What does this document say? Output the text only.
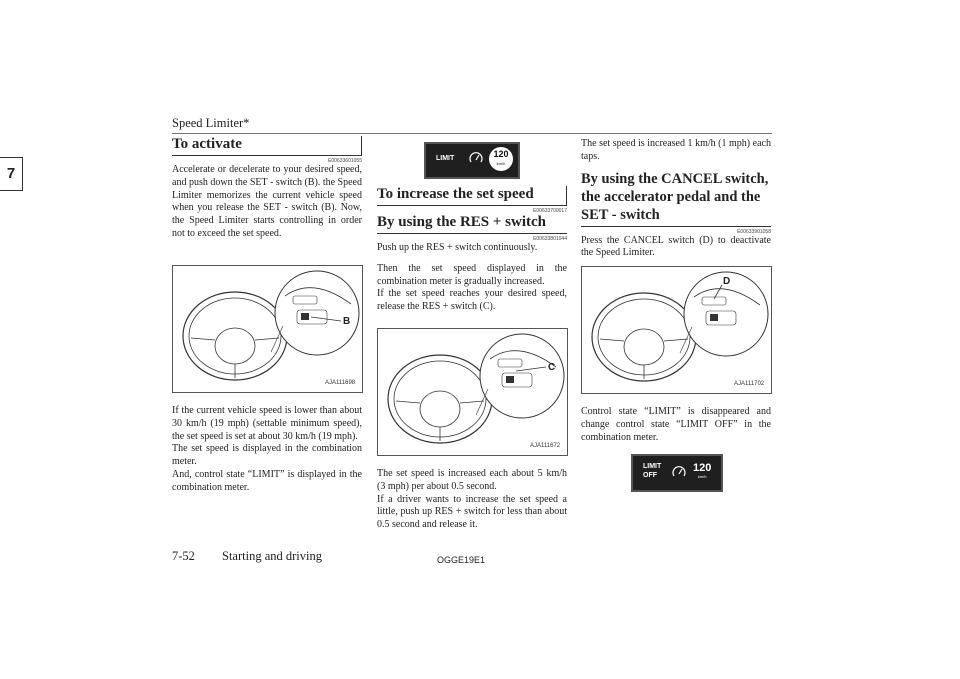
Speed Limiter*
7
To activate
E00633601055
Accelerate or decelerate to your desired speed, and push down the SET - switch (B). the Speed Limiter memorizes the current vehicle speed when you release the SET - switch (B). Now, the Speed Limiter starts controlling in order not to exceed the set speed.
B
AJA111698
If the current vehicle speed is lower than about 30 km/h (19 mph) (settable minimum speed), the set speed is set at about 30 km/h (19 mph).
The set speed is displayed in the combination meter.
And, control state “LIMIT” is displayed in the combination meter.
LIMIT	120
km/h
To increase the set speed
E00633700017
By using the RES + switch
E00633801044
Push up the RES + switch continuously.
Then the set speed displayed in the combination meter is gradually increased.
If the set speed reaches your desired speed, release the RES + switch (C).
C
AJA111672
The set speed is increased each about 5 km/h (3 mph) per about 0.5 second.
If a driver wants to increase the set speed a little, push up RES + switch for less than about 0.5 second and release it.
The set speed is increased 1 km/h (1 mph) each taps.
By using the CANCEL switch, the accelerator pedal and the SET - switch
E00633901058
Press the CANCEL switch (D) to deactivate the Speed Limiter.
D
AJA111702
Control state “LIMIT” is disappeared and change control state “LIMIT OFF” in the combination meter.
LIMIT
OFF
120
km/h
7-52 Starting and driving	OGGE19E1
